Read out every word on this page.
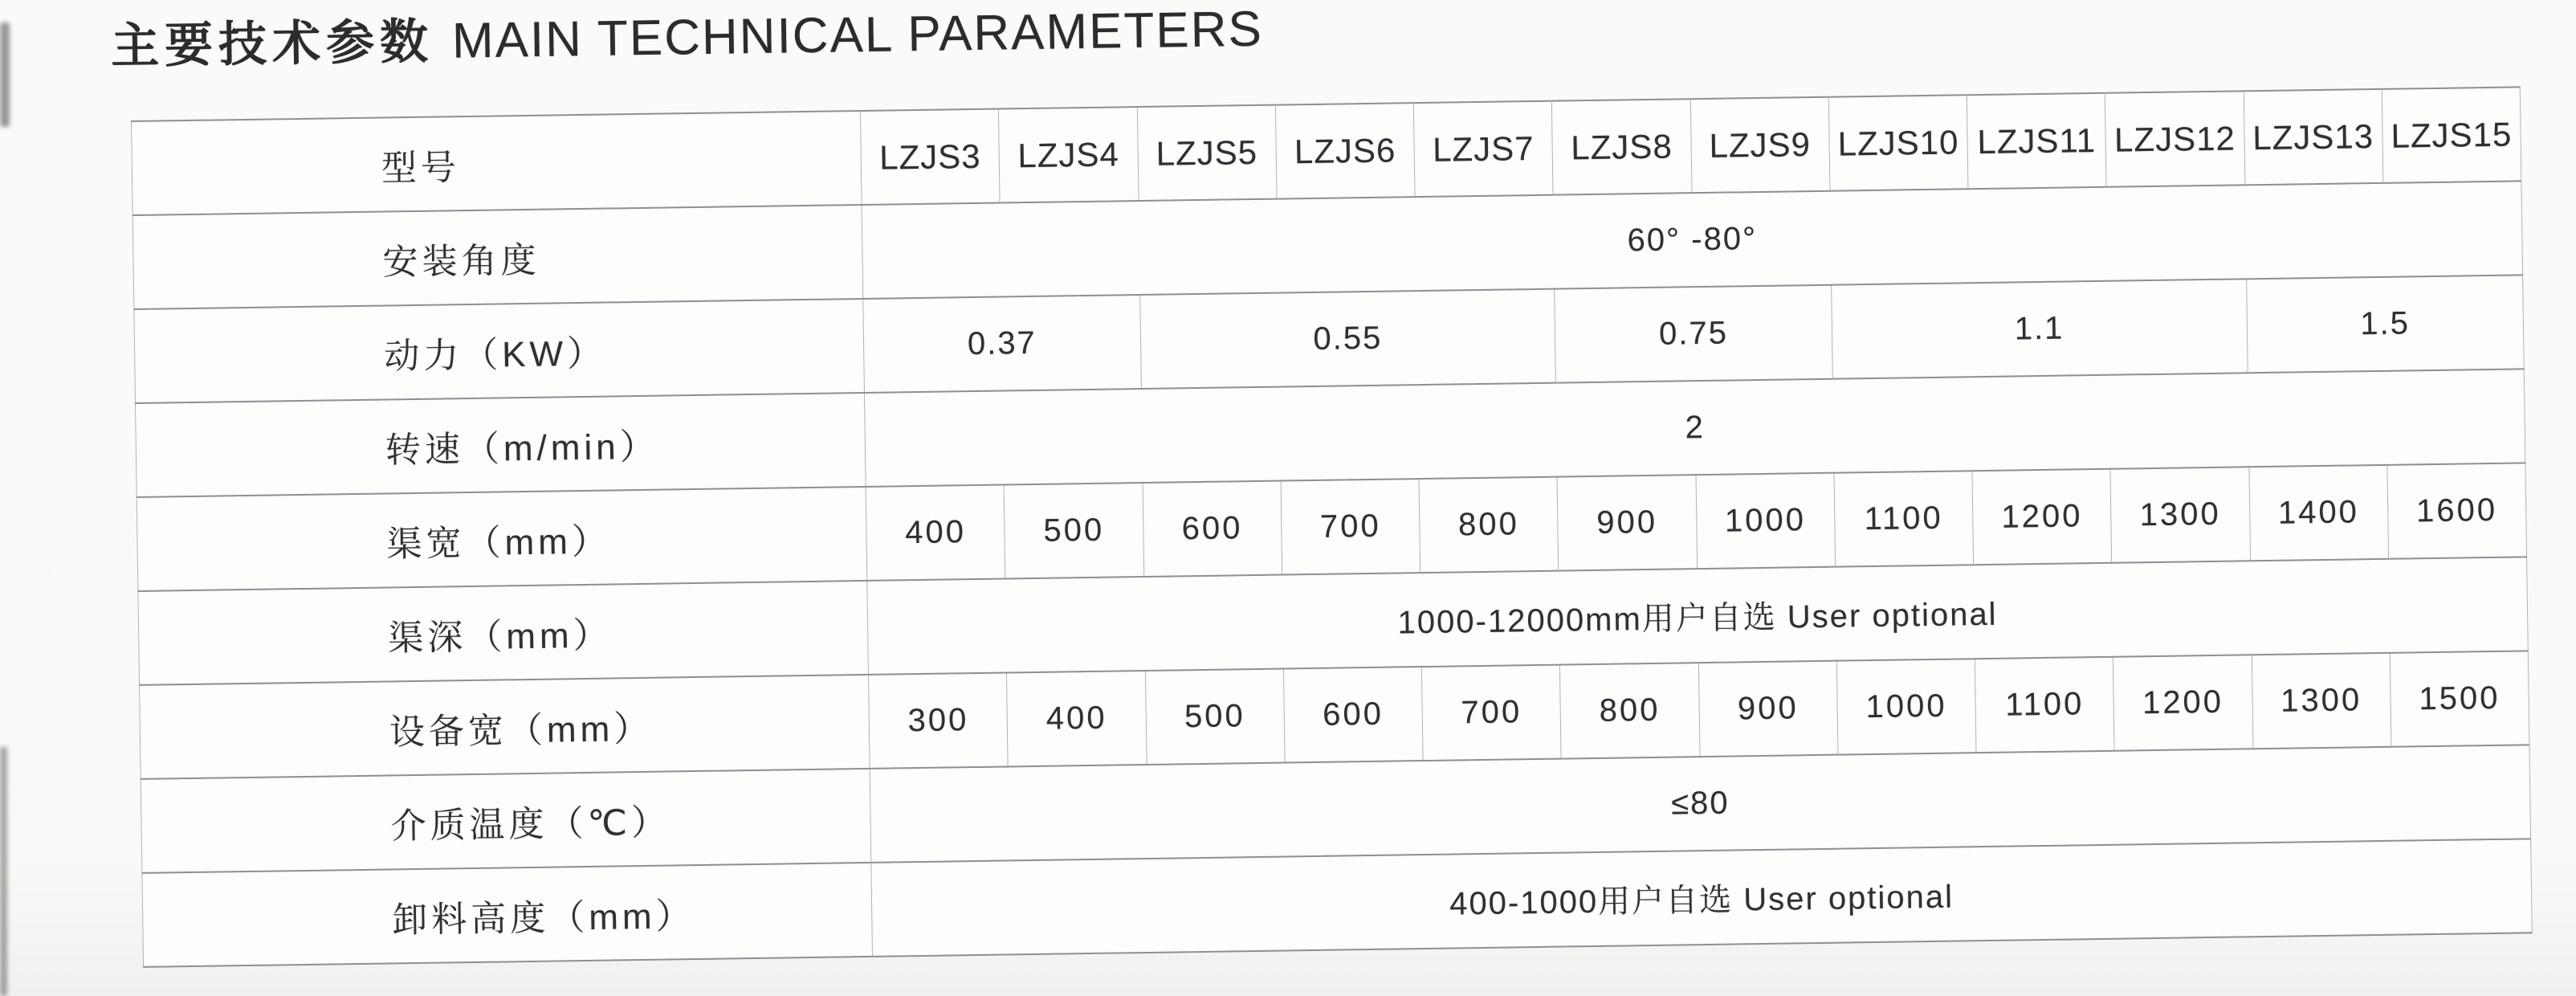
主要技术参数 MAIN TECHNICAL PARAMETERS
型号	LZJS3	LZJS4	LZJS5	LZJS6	LZJS7	LZJS8	LZJS9	LZJS10	LZJS11	LZJS12	LZJS13	LZJS15
安装角度	60° -80°											
动力（KW）	0.37		0.55			0.75		1.1			1.5	
转速（m/min）	2											
渠宽（mm）	400	500	600	700	800	900	1000	1100	1200	1300	1400	1600
渠深（mm）	1000-12000mm用户自选 User optional											
设备宽（mm）	300	400	500	600	700	800	900	1000	1100	1200	1300	1500
介质温度（℃）	≤80											
卸料高度（mm）	400-1000用户自选 User optional											
